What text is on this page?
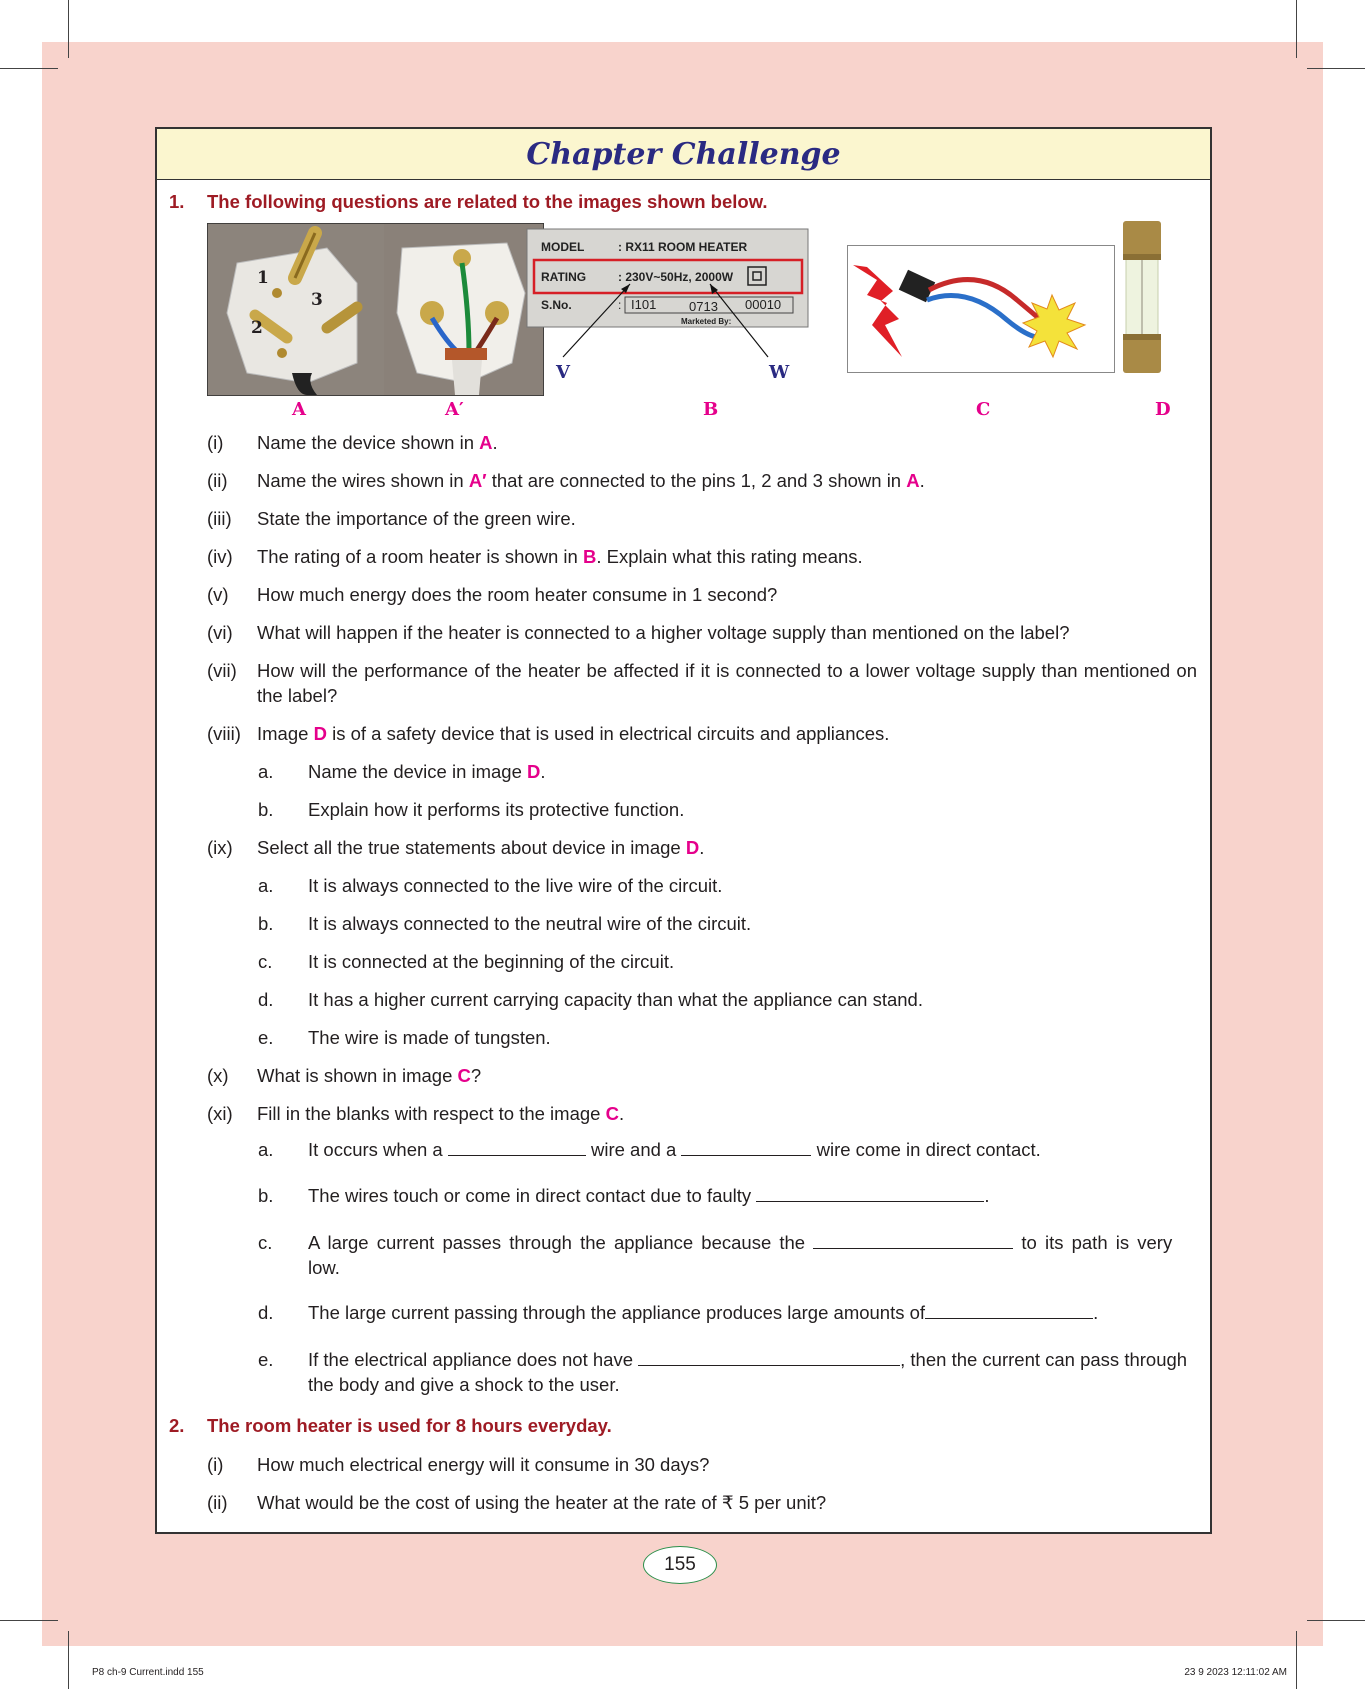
Chapter Challenge
1. The following questions are related to the images shown below.
1
2
3
MODEL	: RX11 ROOM HEATER
RATING	: 230V~50Hz, 2000W
S.No.	: I101	0713 00010
Marketed By:
V	W
A	A′	B	C	D
(i) Name the device shown in A.
(ii) Name the wires shown in A′ that are connected to the pins 1, 2 and 3 shown in A.
(iii) State the importance of the green wire.
(iv) The rating of a room heater is shown in B. Explain what this rating means.
(v) How much energy does the room heater consume in 1 second?
(vi) What will happen if the heater is connected to a higher voltage supply than mentioned on the label?
(vii) How will the performance of the heater be affected if it is connected to a lower voltage supply than mentioned on the label?
(viii) Image D is of a safety device that is used in electrical circuits and appliances.
a. Name the device in image D.
b. Explain how it performs its protective function.
(ix) Select all the true statements about device in image D.
a. It is always connected to the live wire of the circuit.
b. It is always connected to the neutral wire of the circuit.
c. It is connected at the beginning of the circuit.
d. It has a higher current carrying capacity than what the appliance can stand.
e. The wire is made of tungsten.
(x) What is shown in image C?
(xi) Fill in the blanks with respect to the image C.
a. It occurs when a	wire and a	wire come in direct contact.
b. The wires touch or come in direct contact due to faulty	.
c. A large current passes through the appliance because the	to its path is very low.
d. The large current passing through the appliance produces large amounts of	.
e. If the electrical appliance does not have	, then the current can pass through the body and give a shock to the user.
2. The room heater is used for 8 hours everyday.
(i) How much electrical energy will it consume in 30 days?
(ii) What would be the cost of using the heater at the rate of ₹ 5 per unit?
155
P8 ch-9 Current.indd 155	23 9 2023 12:11:02 AM
